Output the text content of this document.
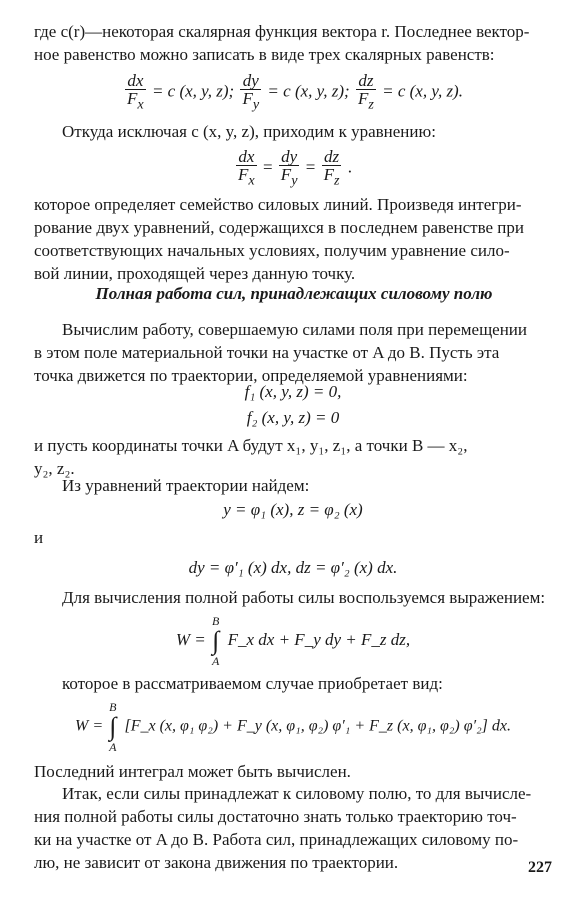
где c(r)—некоторая скалярная функция вектора r. Последнее вектор-
ное равенство можно записать в виде трех скалярных равенств:

$\frac{dx}{F_x} = c$ (x, y, z); $\frac{dy}{F_y} = c$ (x, y, z); $\frac{dz}{F_z} = c$ (x, y, z).

Откуда исключая c (x, y, z), приходим к уравнению:

$\frac{dx}{F_x} = \frac{dy}{F_y} = \frac{dz}{F_z}$ .

которое определяет семейство силовых линий. Произведя интегри-
рование двух уравнений, содержащихся в последнем равенстве при
соответствующих начальных условиях, получим уравнение сило-
вой линии, проходящей через данную точку.

Полная работа сил, принадлежащих силовому полю

Вычислим работу, совершаемую силами поля при перемещении
в этом поле материальной точки на участке от A до B. Пусть эта
точка движется по траектории, определяемой уравнениями:

f₁ (x, y, z) = 0,
f₂ (x, y, z) = 0

и пусть координаты точки A будут x₁, y₁, z₁, а точки B — x₂,
y₂, z₂.

Из уравнений траектории найдем:

y = φ₁ (x), z = φ₂ (x)

и

dy = φ′₁ (x) dx, dz = φ′₂ (x) dx.

Для вычисления полной работы силы воспользуемся выражением:

W =
B
∫
A
F_x dx + F_y dy + F_z dz,

которое в рассматриваемом случае приобретает вид:

W =
B
∫
A
[F_x (x, φ₁ φ₂) + F_y (x, φ₁, φ₂) φ′₁ + F_z (x, φ₁, φ₂) φ′₂] dx.

Последний интеграл может быть вычислен.

Итак, если силы принадлежат к силовому полю, то для вычисле-
ния полной работы силы достаточно знать только траекторию точ-
ки на участке от A до B. Работа сил, принадлежащих силовому по-
лю, не зависит от закона движения по траектории.	227
